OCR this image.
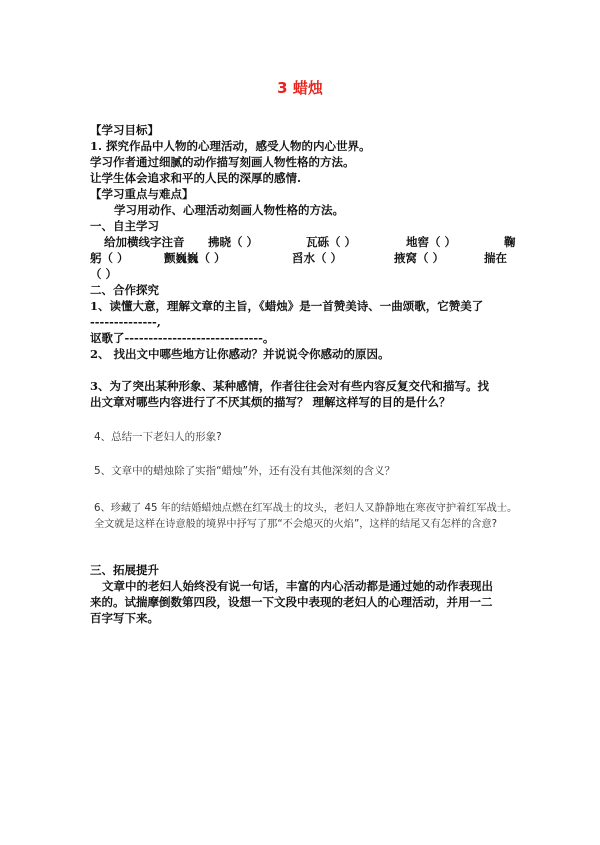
3 蜡烛
【学习目标】
1. 探究作品中人物的心理活动，感受人物的内心世界。
学习作者通过细腻的动作描写刻画人物性格的方法。
让学生体会追求和平的人民的深厚的感情.
【学习重点与难点】
学习用动作、心理活动刻画人物性格的方法。
一、自主学习
给加横线字注音 拂晓（ ）	瓦砾（ ）	地窖（ ）	鞠
躬（ ）	颤巍巍（ ）	舀水（ ）	掖窝（ ）	揣在
（ ）
二、合作探究
1、读懂大意，理解文章的主旨，《蜡烛》是一首赞美诗、一曲颂歌，它赞美了
--------------,
讴歌了-----------------------------。
2、 找出文中哪些地方让你感动？并说说令你感动的原因。
3、为了突出某种形象、某种感情，作者往往会对有些内容反复交代和描写。找
出文章对哪些内容进行了不厌其烦的描写？ 理解这样写的目的是什么？
4、总结一下老妇人的形象?
5、文章中的蜡烛除了实指“蜡烛”外，还有没有其他深刻的含义？
6、珍藏了 45 年的结婚蜡烛点燃在红军战士的坟头，老妇人又静静地在寒夜守护着红军战士。
全文就是这样在诗意般的境界中抒写了那“不会熄灭的火焰”，这样的结尾又有怎样的含意?
三、拓展提升
文章中的老妇人始终没有说一句话，丰富的内心活动都是通过她的动作表现出
来的。试揣摩倒数第四段，设想一下文段中表现的老妇人的心理活动，并用一二
百字写下来。
